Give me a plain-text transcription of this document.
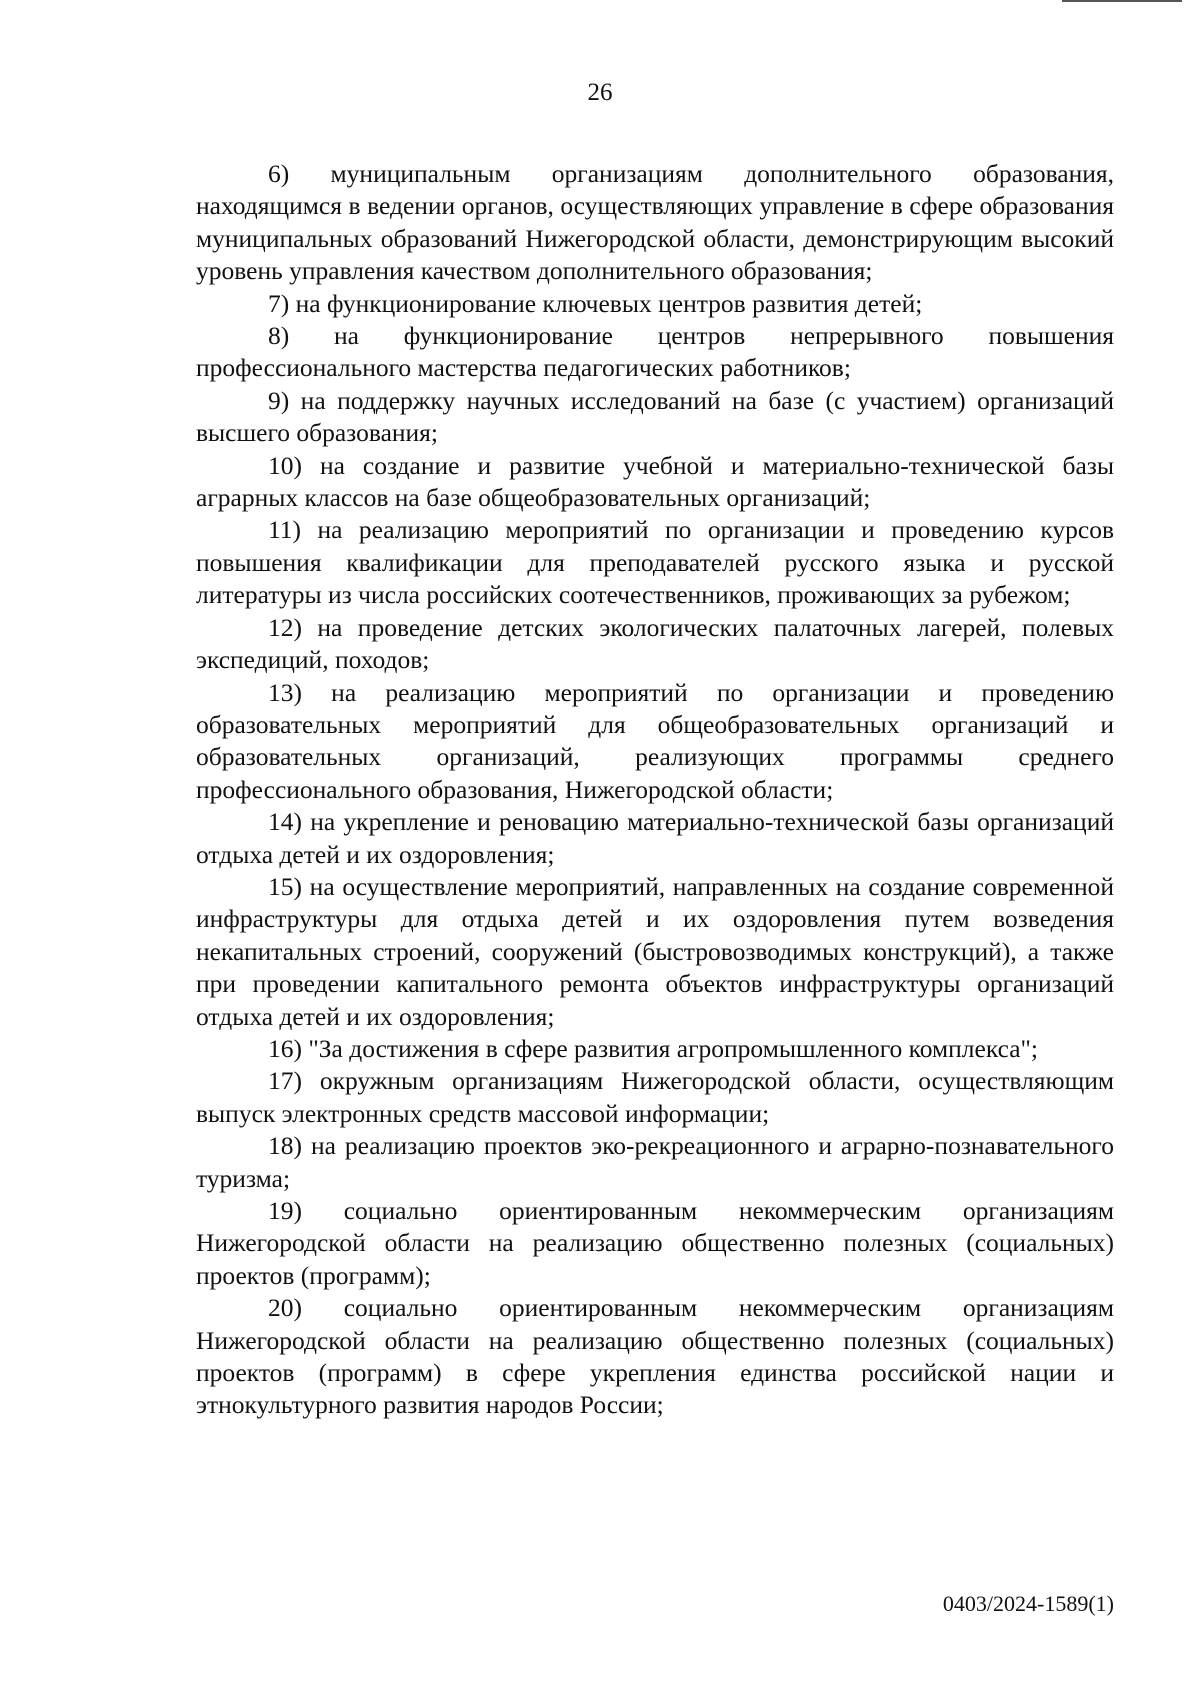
26

6) муниципальным организациям дополнительного образования, находящимся в ведении органов, осуществляющих управление в сфере образования муниципальных образований Нижегородской области, демонстрирующим высокий уровень управления качеством дополнительного образования;

7) на функционирование ключевых центров развития детей;

8) на функционирование центров непрерывного повышения профессионального мастерства педагогических работников;

9) на поддержку научных исследований на базе (с участием) организаций высшего образования;

10) на создание и развитие учебной и материально-технической базы аграрных классов на базе общеобразовательных организаций;

11) на реализацию мероприятий по организации и проведению курсов повышения квалификации для преподавателей русского языка и русской литературы из числа российских соотечественников, проживающих за рубежом;

12) на проведение детских экологических палаточных лагерей, полевых экспедиций, походов;

13) на реализацию мероприятий по организации и проведению образовательных мероприятий для общеобразовательных организаций и образовательных организаций, реализующих программы среднего профессионального образования, Нижегородской области;

14) на укрепление и реновацию материально-технической базы организаций отдыха детей и их оздоровления;

15) на осуществление мероприятий, направленных на создание современной инфраструктуры для отдыха детей и их оздоровления путем возведения некапитальных строений, сооружений (быстровозводимых конструкций), а также при проведении капитального ремонта объектов инфраструктуры организаций отдыха детей и их оздоровления;

16) "За достижения в сфере развития агропромышленного комплекса";

17) окружным организациям Нижегородской области, осуществляющим выпуск электронных средств массовой информации;

18) на реализацию проектов эко-рекреационного и аграрно-познавательного туризма;

19) социально ориентированным некоммерческим организациям Нижегородской области на реализацию общественно полезных (социальных) проектов (программ);

20) социально ориентированным некоммерческим организациям Нижегородской области на реализацию общественно полезных (социальных) проектов (программ) в сфере укрепления единства российской нации и этнокультурного развития народов России;

0403/2024-1589(1)
